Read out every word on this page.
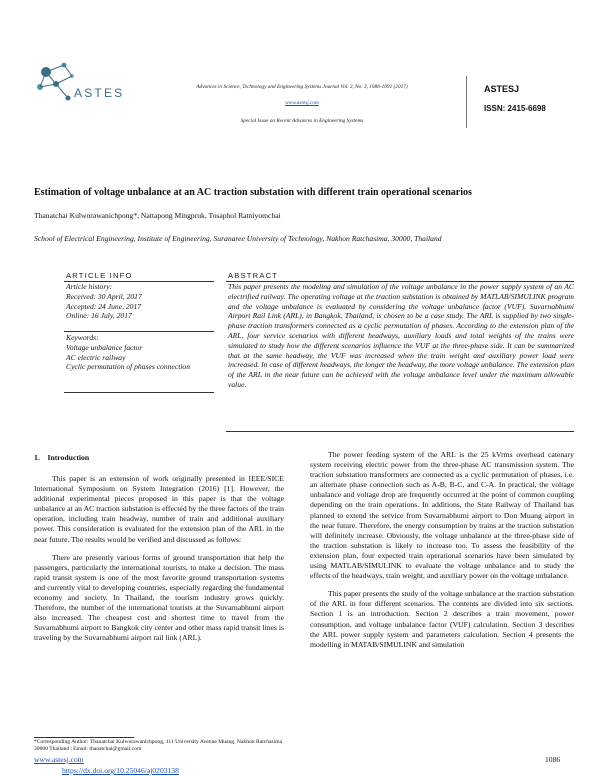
ASTES	Advances in Science, Technology and Engineering Systems Journal Vol. 2, No. 3, 1086-1091 (2017)
www.astesj.com
Special Issue on Recent Advances in Engineering Systems
ASTESJ
ISSN: 2415-6698
Estimation of voltage unbalance at an AC traction substation with different train operational scenarios
Thanatchai Kulworawanichpong*, Nattapong Mingpruk, Tosaphol Ratniyomchai
School of Electrical Engineering, Institute of Engineering, Suranaree University of Technology, Nakhon Ratchasima, 30000, Thailand
ARTICLE INFO
Article history:
Received: 30 April, 2017
Accepted: 24 June, 2017
Online: 16 July, 2017
Keywords:
Voltage unbalance factor
AC electric railway
Cyclic permutation of phases connection
ABSTRACT
This paper presents the modeling and simulation of the voltage unbalance in the power supply system of an AC electrified railway. The operating voltage at the traction substation is obtained by MATLAB/SIMULINK program and the voltage unbalance is evaluated by considering the voltage unbalance factor (VUF). Suvarnabhumi Airport Rail Link (ARL), in Bangkok, Thailand, is chosen to be a case study. The ARL is supplied by two single-phase traction transformers connected as a cyclic permutation of phases. According to the extension plan of the ARL, four service scenarios with different headways, auxiliary loads and total weights of the trains were simulated to study how the different scenarios influence the VUF at the three-phase side. It can be summarized that at the same headway, the VUF was increased when the train weight and auxiliary power load were increased. In case of different headways, the longer the headway, the more voltage unbalance. The extension plan of the ARL in the near future can be achieved with the voltage unbalance level under the maximum allowable value.
1.    Introduction

This paper is an extension of work originally presented in IEEE/SICE International Symposium on System Integration (2016) [1]. However, the additional experimental pieces proposed in this paper is that the voltage unbalance at an AC traction substation is effected by the three factors of the train operation, including train headway, number of train and additional auxiliary power. This consideration is evaluated for the extension plan of the ARL in the near future. The results would be verified and discussed as follows:

There are presently various forms of ground transportation that help the passengers, particularly the international tourists, to make a decision. The mass rapid transit system is one of the most favorite ground transportation systems and currently vital to developing countries, especially regarding the fundamental economy and society. In Thailand, the tourism industry grows quickly. Therefore, the number of the international tourists at the Suvarnabhumi airport also increased. The cheapest cost and shortest time to travel from the Suvarnabhumi airport to Bangkok city center and other mass rapid transit lines is traveling by the Suvarnabhumi airport rail link (ARL).

The power feeding system of the ARL is the 25 kVrms overhead catenary system receiving electric power from the three-phase AC transmission system. The traction substation transformers are connected as a cyclic permutation of phases, i.e. an alternate phase connection such as A-B, B-C, and C-A. In practical, the voltage unbalance and voltage drop are frequently occurred at the point of common coupling depending on the train operations. In additions, the State Railway of Thailand has planned to extend the service from Suvarnabhumi airport to Don Muang airport in the near future. Therefore, the energy consumption by trains at the traction substation will definitely increase. Obviously, the voltage unbalance at the three-phase side of the traction substation is likely to increase too. To assess the feasibility of the extension plan, four expected train operational scenarios have been simulated by using MATLAB/SIMULINK to evaluate the voltage unbalance and to study the effects of the headways, train weight, and auxiliary power on the voltage unbalance.

This paper presents the study of the voltage unbalance at the traction substation of the ARL in four different scenarios. The contents are divided into six sections. Section 1 is an introduction. Section 2 describes a train movement, power consumption, and voltage unbalance factor (VUF) calculation. Section 3 describes the ARL power supply system and parameters calculation. Section 4 presents the modelling in MATAB/SIMULINK and simulation

*Corresponding Author: Thanatchai Kulworawanichpong, 111 University Avenue Muang, Nakhon Ratchasima 30000 Thailand | Email: thanatchai@gmail.com
www.astesj.com
https://dx.doi.org/10.25046/aj0203138
1086
